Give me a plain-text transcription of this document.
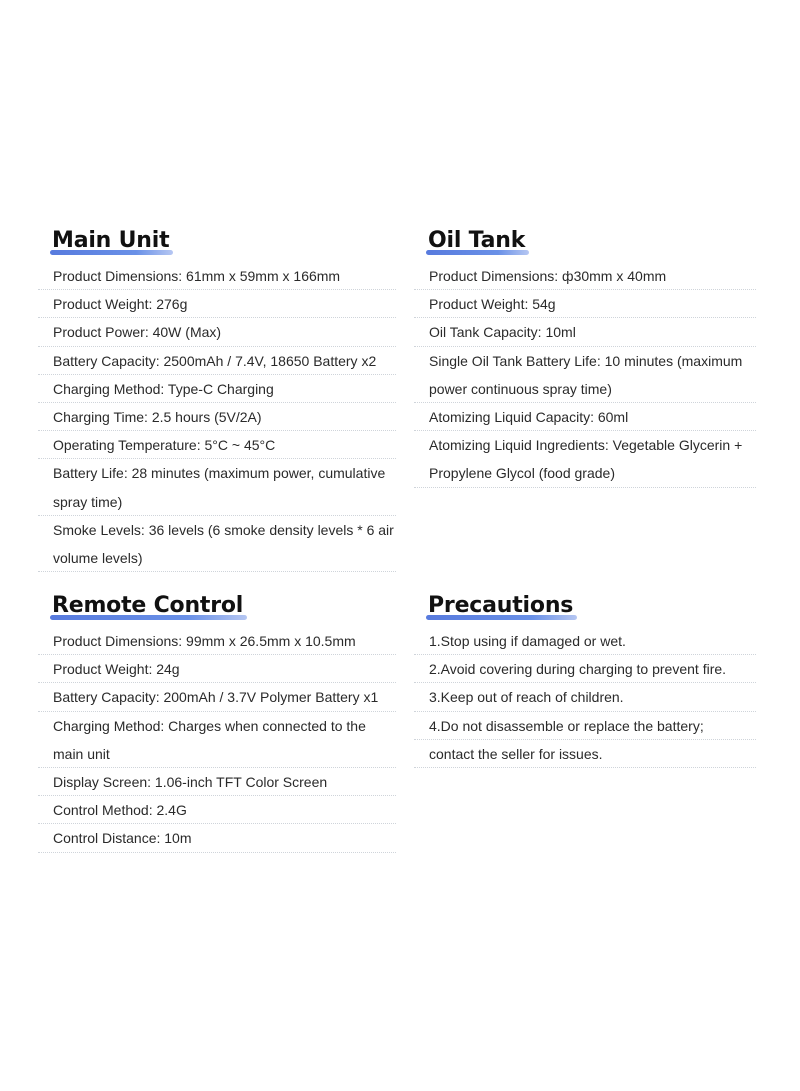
Main Unit
Product Dimensions: 61mm x 59mm x 166mm
Product Weight: 276g
Product Power: 40W (Max)
Battery Capacity: 2500mAh / 7.4V, 18650 Battery x2
Charging Method: Type-C Charging
Charging Time: 2.5 hours (5V/2A)
Operating Temperature: 5°C ~ 45°C
Battery Life: 28 minutes (maximum power, cumulative
spray time)
Smoke Levels: 36 levels (6 smoke density levels * 6 air
volume levels)
Oil Tank
Product Dimensions: ф30mm x 40mm
Product Weight: 54g
Oil Tank Capacity: 10ml
Single Oil Tank Battery Life: 10 minutes (maximum
power continuous spray time)
Atomizing Liquid Capacity: 60ml
Atomizing Liquid Ingredients: Vegetable Glycerin +
Propylene Glycol (food grade)
Remote Control
Product Dimensions: 99mm x 26.5mm x 10.5mm
Product Weight: 24g
Battery Capacity: 200mAh / 3.7V Polymer Battery x1
Charging Method: Charges when connected to the
main unit
Display Screen: 1.06-inch TFT Color Screen
Control Method: 2.4G
Control Distance: 10m
Precautions
1.Stop using if damaged or wet.
2.Avoid covering during charging to prevent fire.
3.Keep out of reach of children.
4.Do not disassemble or replace the battery;
contact the seller for issues.
